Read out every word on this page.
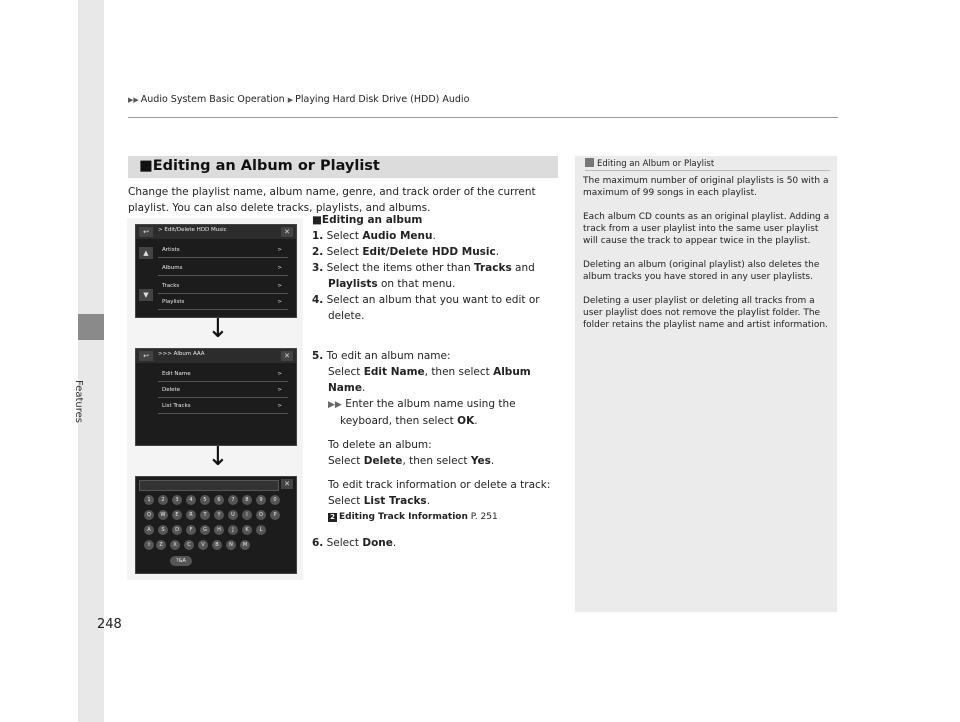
Features
▶▶ Audio System Basic Operation ▶ Playing Hard Disk Drive (HDD) Audio
■Editing an Album or Playlist
Change the playlist name, album name, genre, and track order of the current playlist. You can also delete tracks, playlists, and albums.
↩	> Edit/Delete HDD Music	✕
▲
▼
Artists	>
Albums	>
Tracks	>
Playlists	>
↓
↩	>>> Album AAA	✕
Edit Name	>
Delete	>
List Tracks	>
↓
✕
1	2	3	4	5	6	7	8	9	0
Q	W	E	R	T	Y	U	I	O	P
A	S	D	F	G	H	J	K	L
Z	X	C	V	B	N	M
⇧
?&A
■Editing an album
1. Select Audio Menu.
2. Select Edit/Delete HDD Music.
3. Select the items other than Tracks and Playlists on that menu.
4. Select an album that you want to edit or delete.
5. To edit an album name:
Select Edit Name, then select Album Name.
▶▶ Enter the album name using the keyboard, then select OK.
To delete an album:
Select Delete, then select Yes.
To edit track information or delete a track:
Select List Tracks.
2 Editing Track Information P. 251
6. Select Done.
Editing an Album or Playlist

The maximum number of original playlists is 50 with a maximum of 99 songs in each playlist.

Each album CD counts as an original playlist. Adding a track from a user playlist into the same user playlist will cause the track to appear twice in the playlist.

Deleting an album (original playlist) also deletes the album tracks you have stored in any user playlists.

Deleting a user playlist or deleting all tracks from a user playlist does not remove the playlist folder. The folder retains the playlist name and artist information.

248
